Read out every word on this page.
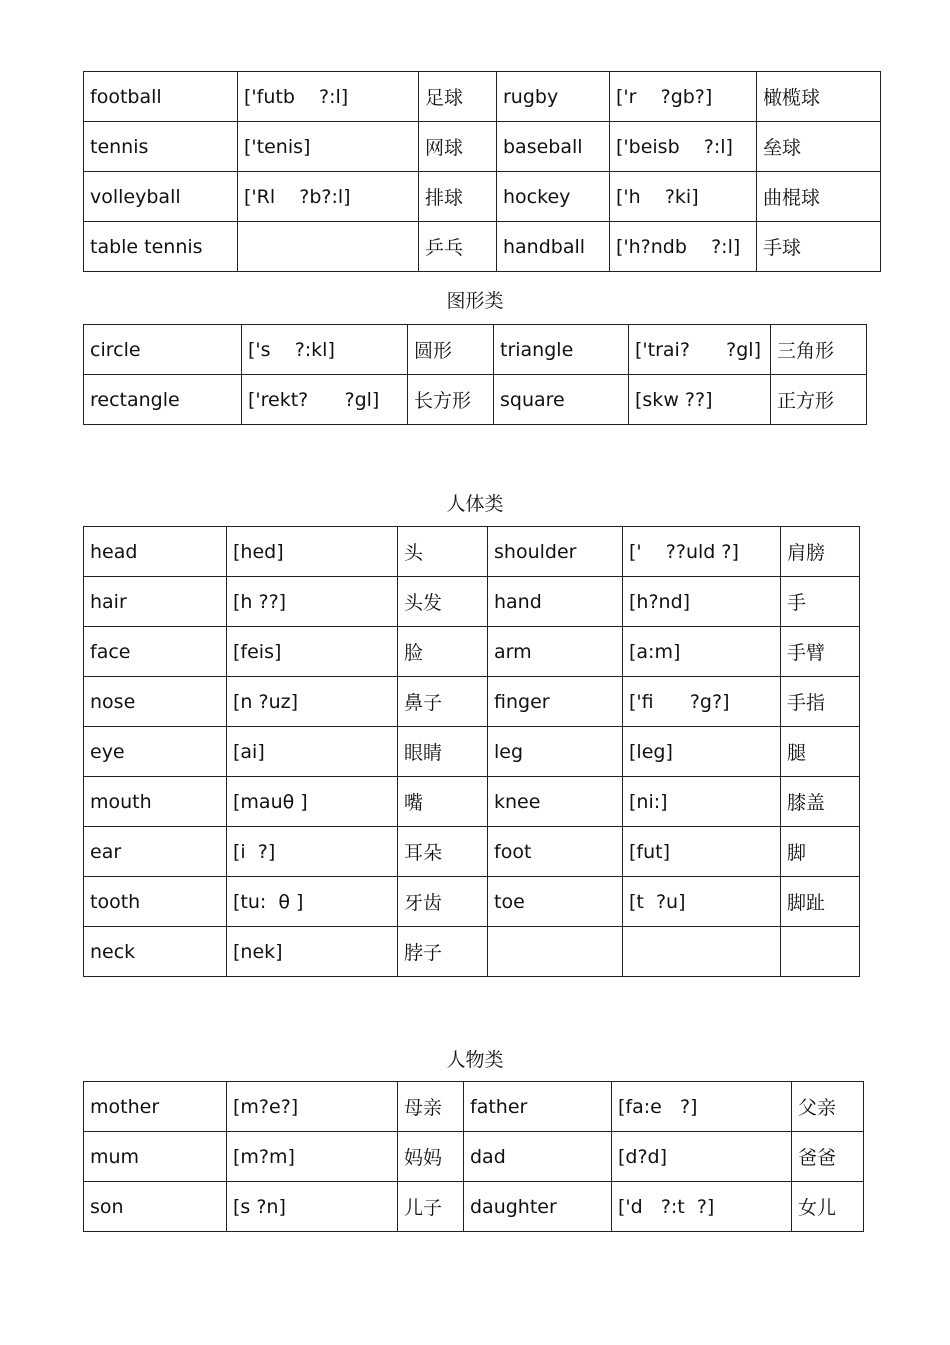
football	['futb    ?:l]	足球	rugby	['r    ?gb?]	橄榄球
tennis	['tenis]	网球	baseball	['beisb    ?:l]	垒球
volleyball	['Rl    ?b?:l]	排球	hockey	['h    ?ki]	曲棍球
table tennis		乒乓	handball	['h?ndb    ?:l]	手球
图形类
circle	['s    ?:kl]	圆形	triangle	['trai?      ?gl]	三角形
rectangle	['rekt?      ?gl]	长方形	square	[skw ??]	正方形
人体类
head	[hed]	头	shoulder	['    ??uld ?]	肩膀
hair	[h ??]	头发	hand	[h?nd]	手
face	[feis]	脸	arm	[a:m]	手臂
nose	[n ?uz]	鼻子	finger	['fi      ?g?]	手指
eye	[ai]	眼睛	leg	[leg]	腿
mouth	[mauθ ]	嘴	knee	[ni:]	膝盖
ear	[i  ?]	耳朵	foot	[fut]	脚
tooth	[tu:  θ ]	牙齿	toe	[t  ?u]	脚趾
neck	[nek]	脖子			
人物类
mother	[m?e?]	母亲	father	[fa:e   ?]	父亲
mum	[m?m]	妈妈	dad	[d?d]	爸爸
son	[s ?n]	儿子	daughter	['d   ?:t  ?]	女儿
